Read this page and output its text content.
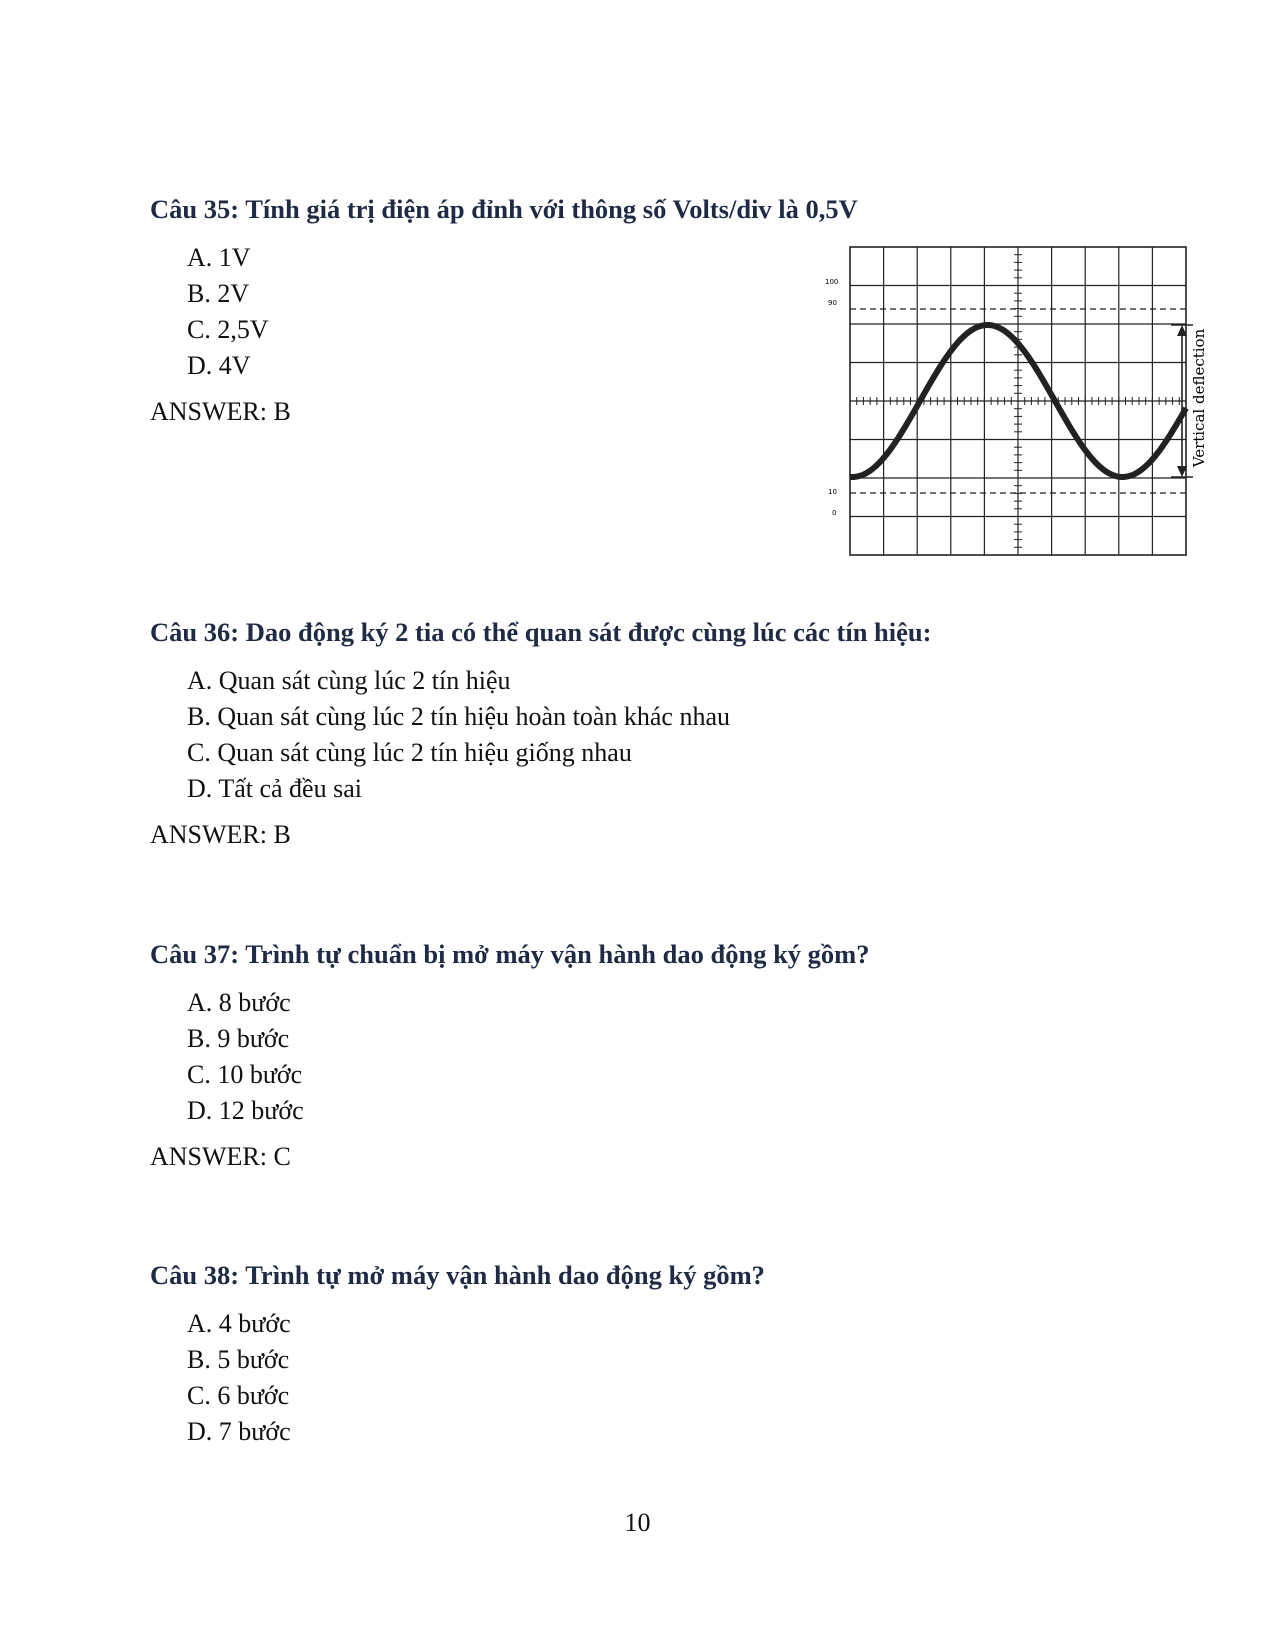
Câu 35: Tính giá trị điện áp đỉnh với thông số Volts/div là 0,5V

A. 1V
B. 2V
C. 2,5V
D. 4V

ANSWER: B

100
90
10
0
Vertical deflection

Câu 36: Dao động ký 2 tia có thể quan sát được cùng lúc các tín hiệu:

A. Quan sát cùng lúc 2 tín hiệu
B. Quan sát cùng lúc 2 tín hiệu hoàn toàn khác nhau
C. Quan sát cùng lúc 2 tín hiệu giống nhau
D. Tất cả đều sai

ANSWER: B

Câu 37: Trình tự chuẩn bị mở máy vận hành dao động ký gồm?

A. 8 bước
B. 9 bước
C. 10 bước
D. 12 bước

ANSWER: C

Câu 38: Trình tự mở máy vận hành dao động ký gồm?

A. 4 bước
B. 5 bước
C. 6 bước
D. 7 bước
10
